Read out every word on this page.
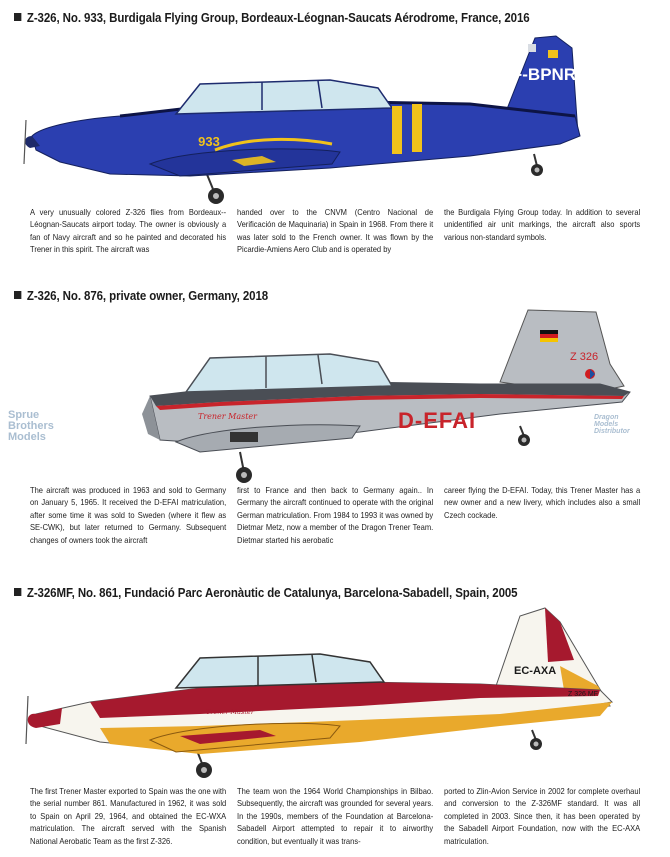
Z-326, No. 933, Burdigala Flying Group, Bordeaux-Léognan-Saucats Aérodrome, France, 2016
F-BPNR
933

A very unusually colored Z-326 flies from Bordeaux--Léognan-Saucats airport today. The owner is obviously a fan of Navy aircraft and so he painted and decorated his Trener in this spirit. The aircraft was

handed over to the CNVM (Centro Nacional de Verificación de Maquinaria) in Spain in 1968. From there it was later sold to the French owner. It was flown by the Picardie-Amiens Aero Club and is operated by

the Burdigala Flying Group today. In addition to several unidentified air unit markings, the aircraft also sports various non-standard symbols.

Z-326, No. 876, private owner, Germany, 2018
D-EFAI
Z 326
Trener Master
Sprue
Brothers
Models
Dragon
Models
Distributor

The aircraft was produced in 1963 and sold to Germany on January 5, 1965. It received the D-EFAI matriculation, after some time it was sold to Sweden (where it flew as SE-CWK), but later returned to Germany. Subsequent changes of owners took the aircraft

first to France and then back to Germany again.. In Germany the aircraft continued to operate with the original German matriculation. From 1984 to 1993 it was owned by Dietmar Metz, now a member of the Dragon Trener Team. Dietmar started his aerobatic

career flying the D-EFAI. Today, this Trener Master has a new owner and a new livery, which includes also a small Czech cockade.

Z-326MF, No. 861, Fundació Parc Aeronàutic de Catalunya, Barcelona-Sabadell, Spain, 2005
EC-AXA
Z 326 MF
Trener Master

The first Trener Master exported to Spain was the one with the serial number 861. Manufactured in 1962, it was sold to Spain on April 29, 1964, and obtained the EC-WXA matriculation. The aircraft served with the Spanish National Aerobatic Team as the first Z-326.

The team won the 1964 World Championships in Bilbao. Subsequently, the aircraft was grounded for several years. In the 1990s, members of the Foundation at Barcelona-Sabadell Airport attempted to repair it to airworthy condition, but eventually it was trans-

ported to Zlin-Avion Service in 2002 for complete overhaul and conversion to the Z-326MF standard. It was all completed in 2003. Since then, it has been operated by the Sabadell Airport Foundation, now with the EC-AXA matriculation.
